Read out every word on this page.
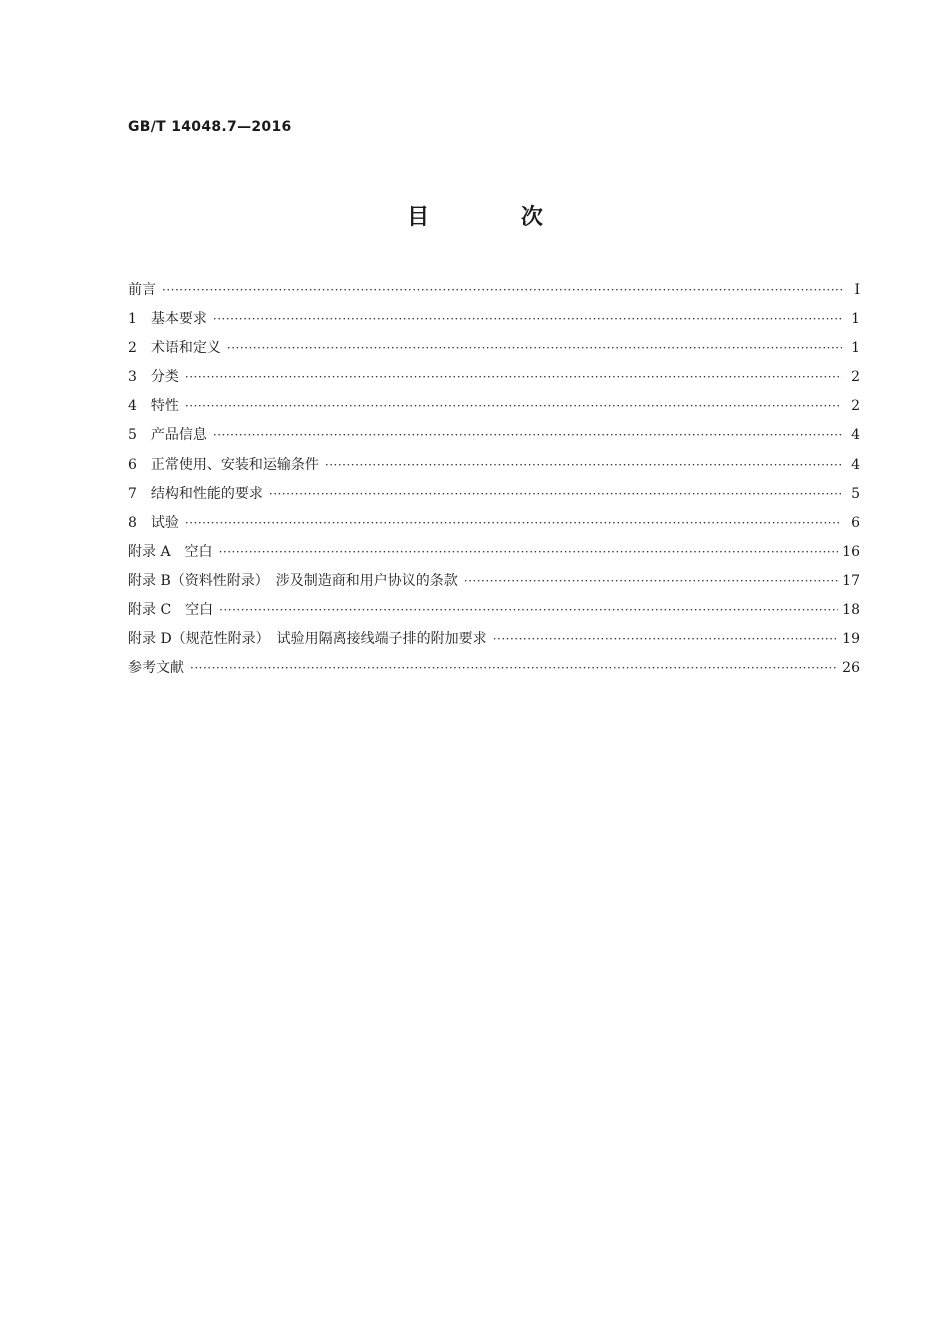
GB/T 14048.7—2016
目 次
前言 ·····	Ⅰ
1　基本要求 ·····	1
2　术语和定义 ·····	1
3　分类 ·····	2
4　特性 ·····	2
5　产品信息 ·····	4
6　正常使用、安装和运输条件 ·····	4
7　结构和性能的要求 ·····	5
8　试验 ·····	6
附录 A　空白 ·····	16
附录 B（资料性附录）　涉及制造商和用户协议的条款 ·····	17
附录 C　空白 ·····	18
附录 D（规范性附录）　试验用隔离接线端子排的附加要求 ·····	19
参考文献 ·····	26
